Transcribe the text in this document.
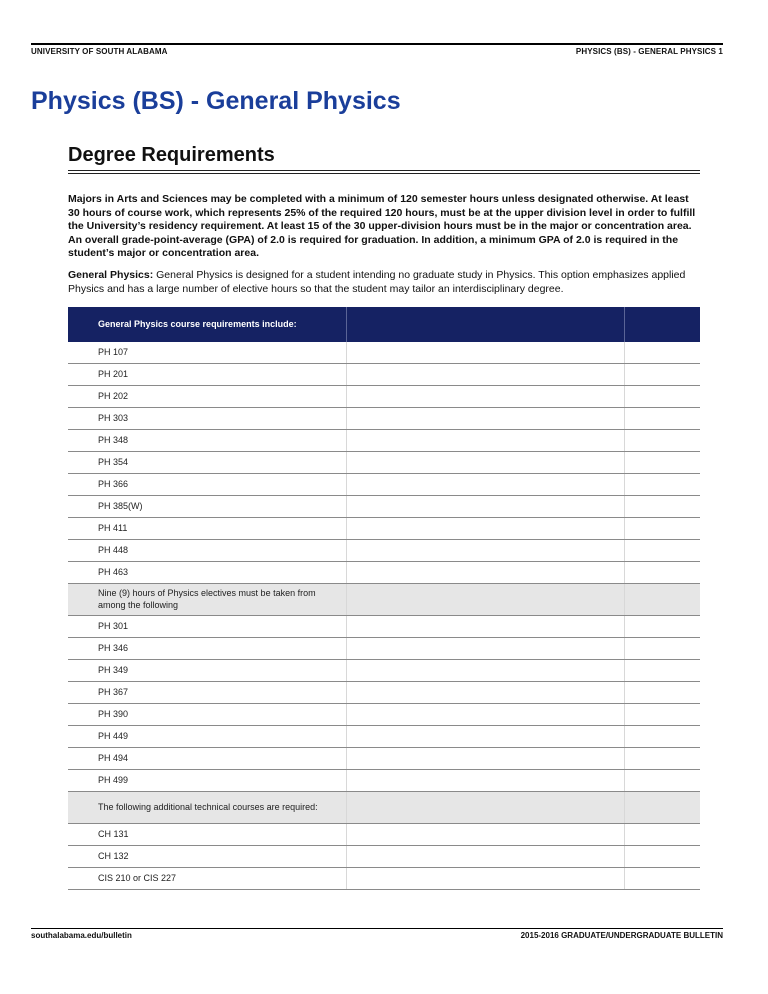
UNIVERSITY OF SOUTH ALABAMA	PHYSICS (BS) - GENERAL PHYSICS 1
Physics (BS) - General Physics
Degree Requirements

Majors in Arts and Sciences may be completed with a minimum of 120 semester hours unless designated otherwise. At least 30 hours of course work, which represents 25% of the required 120 hours, must be at the upper division level in order to fulfill the University’s residency requirement. At least 15 of the 30 upper-division hours must be in the major or concentration area. An overall grade-point-average (GPA) of 2.0 is required for graduation. In addition, a minimum GPA of 2.0 is required in the student’s major or concentration area.

General Physics: General Physics is designed for a student intending no graduate study in Physics. This option emphasizes applied Physics and has a large number of elective hours so that the student may tailor an interdisciplinary degree.

General Physics course requirements include:		
PH 107		
PH 201		
PH 202		
PH 303		
PH 348		
PH 354		
PH 366		
PH 385(W)		
PH 411		
PH 448		
PH 463		
Nine (9) hours of Physics electives must be taken from among the following		
PH 301		
PH 346		
PH 349		
PH 367		
PH 390		
PH 449		
PH 494		
PH 499		
The following additional technical courses are required:		
CH 131		
CH 132		
CIS 210 or CIS 227		
southalabama.edu/bulletin	2015-2016 GRADUATE/UNDERGRADUATE BULLETIN
